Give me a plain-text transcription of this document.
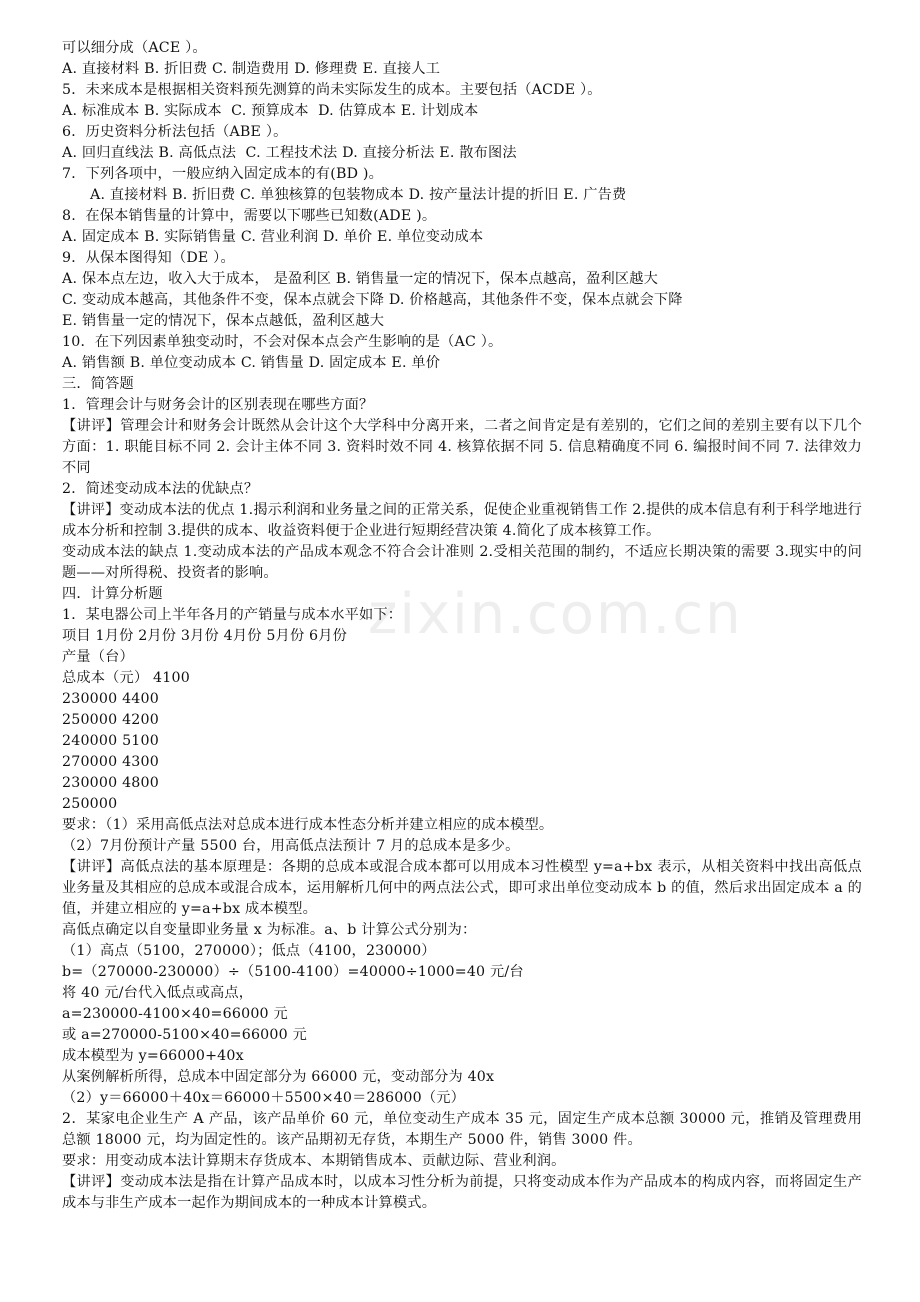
zixin.com.cn
可以细分成（ACE ）。
A. 直接材料 B. 折旧费 C. 制造费用 D. 修理费 E. 直接人工
5．未来成本是根据相关资料预先测算的尚未实际发生的成本。主要包括（ACDE ）。
A. 标准成本 B. 实际成本  C. 预算成本  D. 估算成本 E. 计划成本
6．历史资料分析法包括（ABE ）。
A. 回归直线法 B. 高低点法  C. 工程技术法 D. 直接分析法 E. 散布图法
7．下列各项中，一般应纳入固定成本的有(BD )。
A. 直接材料 B. 折旧费 C. 单独核算的包装物成本 D. 按产量法计提的折旧 E. 广告费
8.  在保本销售量的计算中，需要以下哪些已知数(ADE )。
A. 固定成本 B. 实际销售量 C. 营业利润 D. 单价 E. 单位变动成本
9．从保本图得知（DE ）。
A. 保本点左边，收入大于成本， 是盈利区 B. 销售量一定的情况下，保本点越高，盈利区越大
C. 变动成本越高，其他条件不变，保本点就会下降 D. 价格越高，其他条件不变，保本点就会下降
E. 销售量一定的情况下，保本点越低，盈利区越大
10．在下列因素单独变动时，不会对保本点会产生影响的是（AC ）。
A. 销售额 B. 单位变动成本 C. 销售量 D. 固定成本 E. 单价
三．简答题
1．管理会计与财务会计的区别表现在哪些方面？

【讲评】管理会计和财务会计既然从会计这个大学科中分离开来，二者之间肯定是有差别的，它们之间的差别主要有以下几个方面：1. 职能目标不同 2. 会计主体不同 3. 资料时效不同 4. 核算依据不同 5. 信息精确度不同 6. 编报时间不同 7. 法律效力不同

2．简述变动成本法的优缺点？

【讲评】变动成本法的优点 1.揭示利润和业务量之间的正常关系，促使企业重视销售工作 2.提供的成本信息有利于科学地进行成本分析和控制 3.提供的成本、收益资料便于企业进行短期经营决策 4.简化了成本核算工作。

变动成本法的缺点 1.变动成本法的产品成本观念不符合会计准则 2.受相关范围的制约，不适应长期决策的需要 3.现实中的问题——对所得税、投资者的影响。

四．计算分析题
1．某电器公司上半年各月的产销量与成本水平如下：
项目 1月份 2月份 3月份 4月份 5月份 6月份
产量（台）
总成本（元） 4100
230000 4400
250000 4200
240000 5100
270000 4300
230000 4800
250000
要求：（1）采用高低点法对总成本进行成本性态分析并建立相应的成本模型。
（2）7月份预计产量 5500 台，用高低点法预计 7 月的总成本是多少。

【讲评】高低点法的基本原理是：各期的总成本或混合成本都可以用成本习性模型 y=a+bx 表示，从相关资料中找出高低点业务量及其相应的总成本或混合成本，运用解析几何中的两点法公式，即可求出单位变动成本 b 的值，然后求出固定成本 a 的值，并建立相应的 y=a+bx 成本模型。

高低点确定以自变量即业务量 x 为标准。a、b 计算公式分别为：
（1）高点（5100，270000）；低点（4100，230000）
b=（270000-230000）÷（5100-4100）=40000÷1000=40 元/台
将 40 元/台代入低点或高点，
a=230000-4100×40=66000 元
或 a=270000-5100×40=66000 元
成本模型为 y=66000+40x
从案例解析所得，总成本中固定部分为 66000 元，变动部分为 40x
（2）y＝66000＋40x＝66000＋5500×40＝286000（元）

2．某家电企业生产 A 产品，该产品单价 60 元，单位变动生产成本 35 元，固定生产成本总额 30000 元，推销及管理费用总额 18000 元，均为固定性的。该产品期初无存货，本期生产 5000 件，销售 3000 件。

要求：用变动成本法计算期末存货成本、本期销售成本、贡献边际、营业利润。

【讲评】变动成本法是指在计算产品成本时，以成本习性分析为前提，只将变动成本作为产品成本的构成内容，而将固定生产成本与非生产成本一起作为期间成本的一种成本计算模式。
